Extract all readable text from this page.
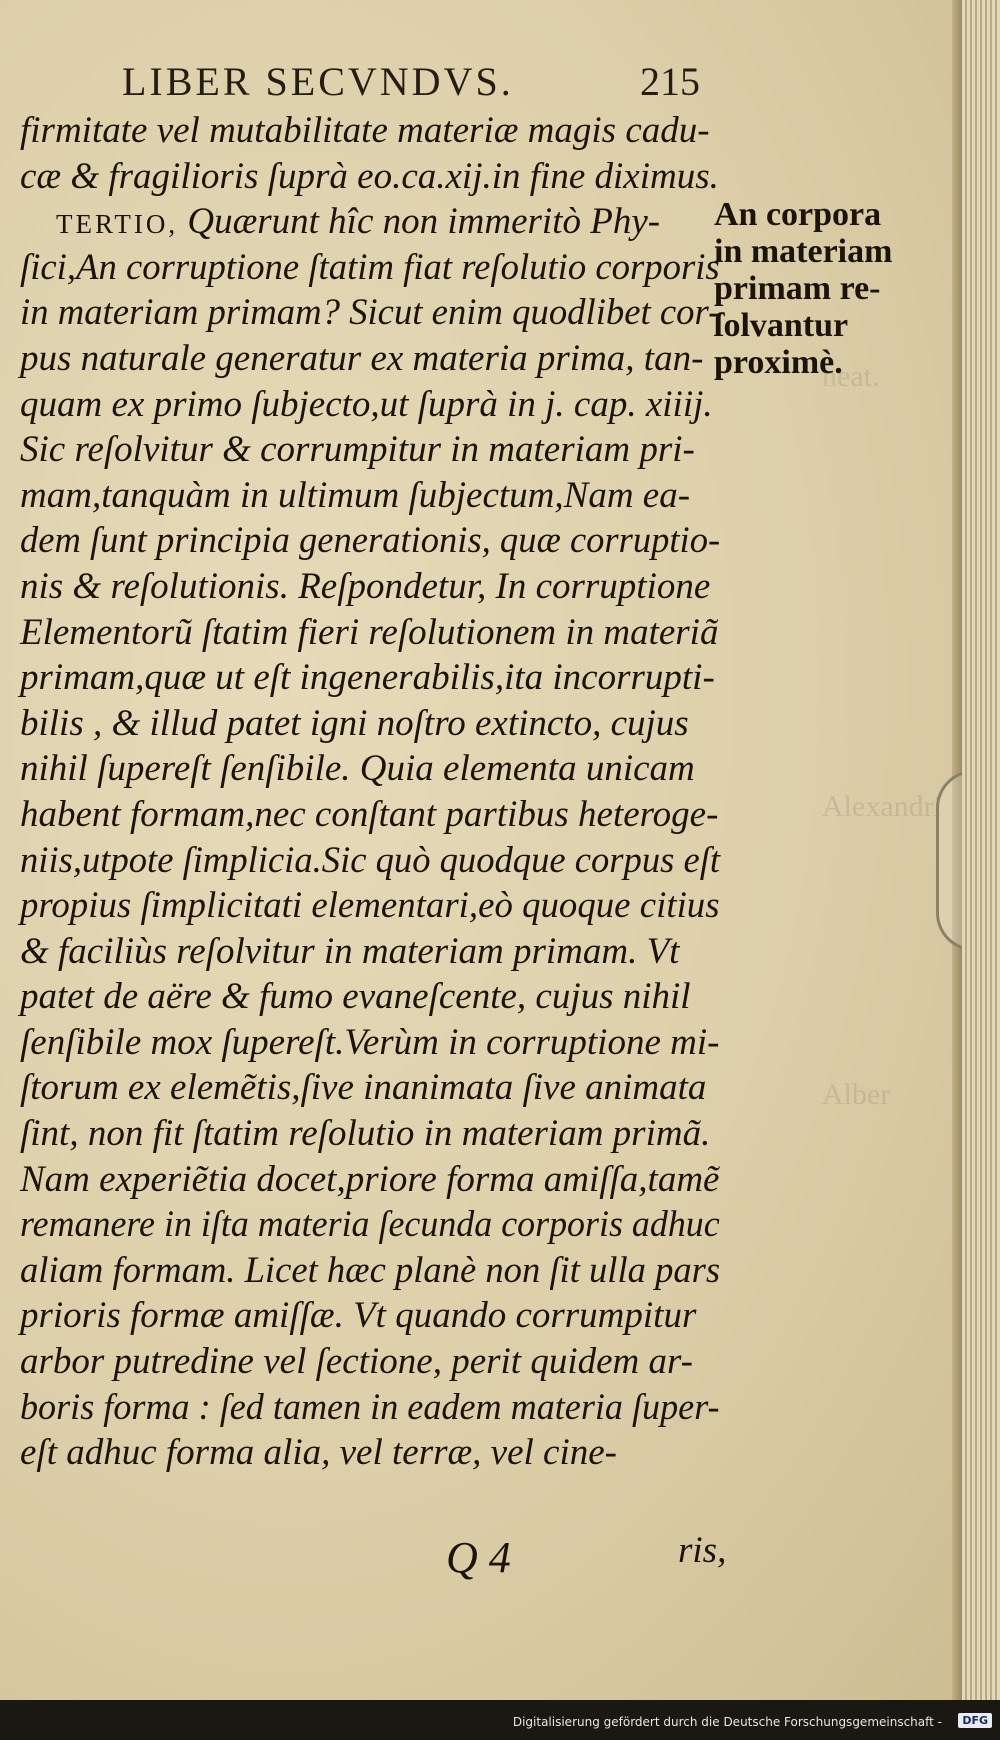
neat.
Alexandri
Alber
LIBER SECVNDVS.	215
firmitate vel mutabilitate materiæ magis cadu-
cæ & fragilioris ſuprà eo.ca.xij.in fine diximus.
TERTIO, Quærunt hîc non immeritò Phy-
ſici,An corruptione ſtatim fiat reſolutio corporis
in materiam primam? Sicut enim quodlibet cor-
pus naturale generatur ex materia prima, tan-
quam ex primo ſubjecto,ut ſuprà in j. cap. xiiij.
Sic reſolvitur & corrumpitur in materiam pri-
mam,tanquàm in ultimum ſubjectum,Nam ea-
dem ſunt principia generationis, quæ corruptio-
nis & reſolutionis. Reſpondetur, In corruptione
Elementorũ ſtatim fieri reſolutionem in materiã
primam,quæ ut eſt ingenerabilis,ita incorrupti-
bilis , & illud patet igni noſtro extincto, cujus
nihil ſupereſt ſenſibile. Quia elementa unicam
habent formam,nec conſtant partibus heteroge-
niis,utpote ſimplicia.Sic quò quodque corpus eſt
propius ſimplicitati elementari,eò quoque citius
& faciliùs reſolvitur in materiam primam. Vt
patet de aëre & fumo evaneſcente, cujus nihil
ſenſibile mox ſupereſt.Verùm in corruptione mi-
ſtorum ex elemẽtis,ſive inanimata ſive animata
ſint, non fit ſtatim reſolutio in materiam primã.
Nam experiẽtia docet,priore forma amiſſa,tamẽ
remanere in iſta materia ſecunda corporis adhuc
aliam formam. Licet hæc planè non ſit ulla pars
prioris formæ amiſſæ. Vt quando corrumpitur
arbor putredine vel ſectione, perit quidem ar-
boris forma : ſed tamen in eadem materia ſuper-
eſt adhuc forma alia, vel terræ, vel cine-
An corpora
in materiam
primam re-
ſolvantur
proximè.
Q 4	ris,
Digitalisierung gefördert durch die Deutsche Forschungsgemeinschaft -	DFG
